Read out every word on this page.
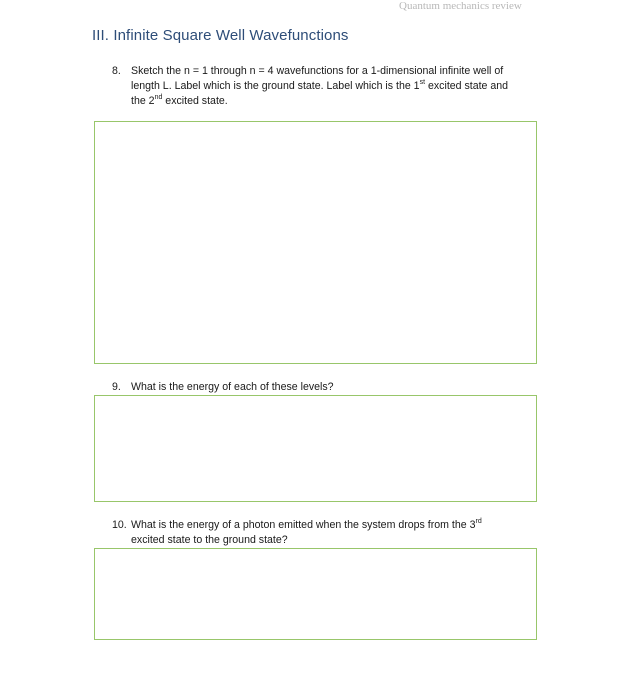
Quantum mechanics review
III. Infinite Square Well Wavefunctions
8. Sketch the n = 1 through n = 4 wavefunctions for a 1-dimensional infinite well of
length L. Label which is the ground state. Label which is the 1st excited state and
the 2nd excited state.
9. What is the energy of each of these levels?
10. What is the energy of a photon emitted when the system drops from the 3rd
excited state to the ground state?
